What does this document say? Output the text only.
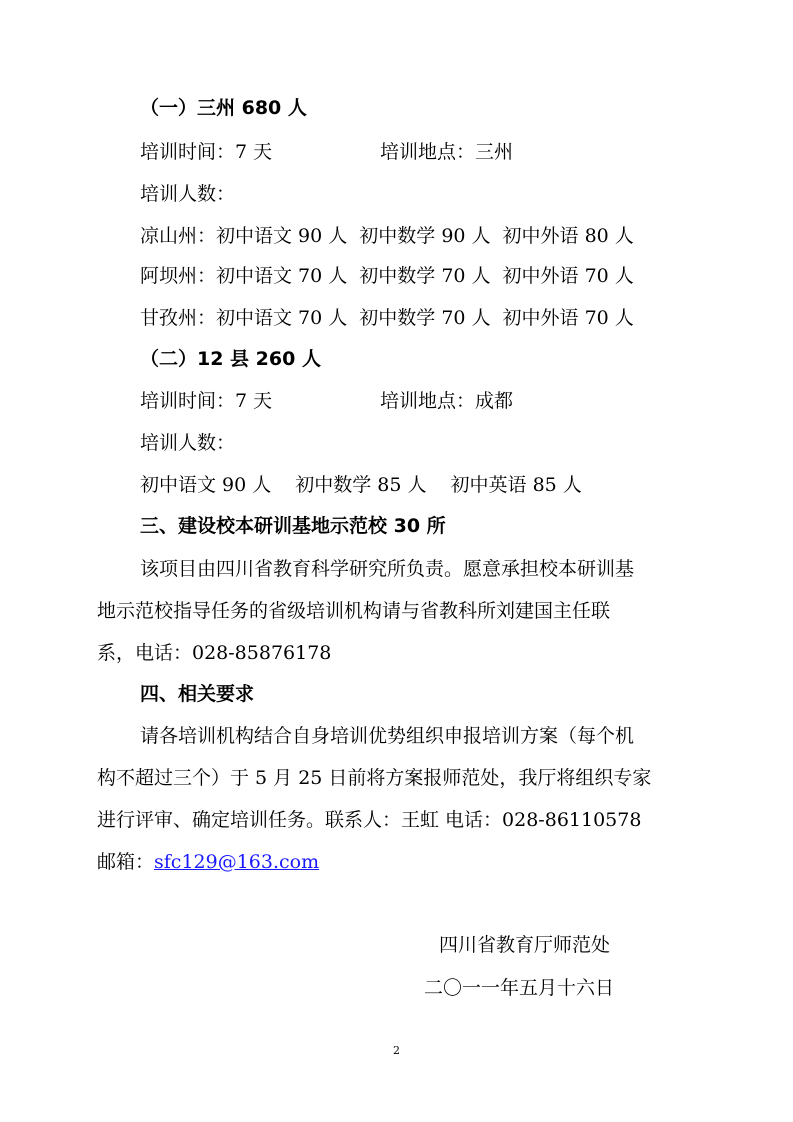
（一）三州 680 人
培训时间：7 天	培训地点：三州
培训人数：
凉山州：初中语文 90 人 初中数学 90 人 初中外语 80 人
阿坝州：初中语文 70 人 初中数学 70 人 初中外语 70 人
甘孜州：初中语文 70 人 初中数学 70 人 初中外语 70 人
（二）12 县 260 人
培训时间：7 天	培训地点：成都
培训人数：
初中语文 90 人 初中数学 85 人 初中英语 85 人
三、建设校本研训基地示范校 30 所
该项目由四川省教育科学研究所负责。愿意承担校本研训基
地示范校指导任务的省级培训机构请与省教科所刘建国主任联
系，电话：028-85876178
四、相关要求
请各培训机构结合自身培训优势组织申报培训方案（每个机
构不超过三个）于 5 月 25 日前将方案报师范处，我厅将组织专家
进行评审、确定培训任务。联系人：王虹 电话：028-86110578
邮箱：sfc129@163.com
四川省教育厅师范处
二〇一一年五月十六日
2
